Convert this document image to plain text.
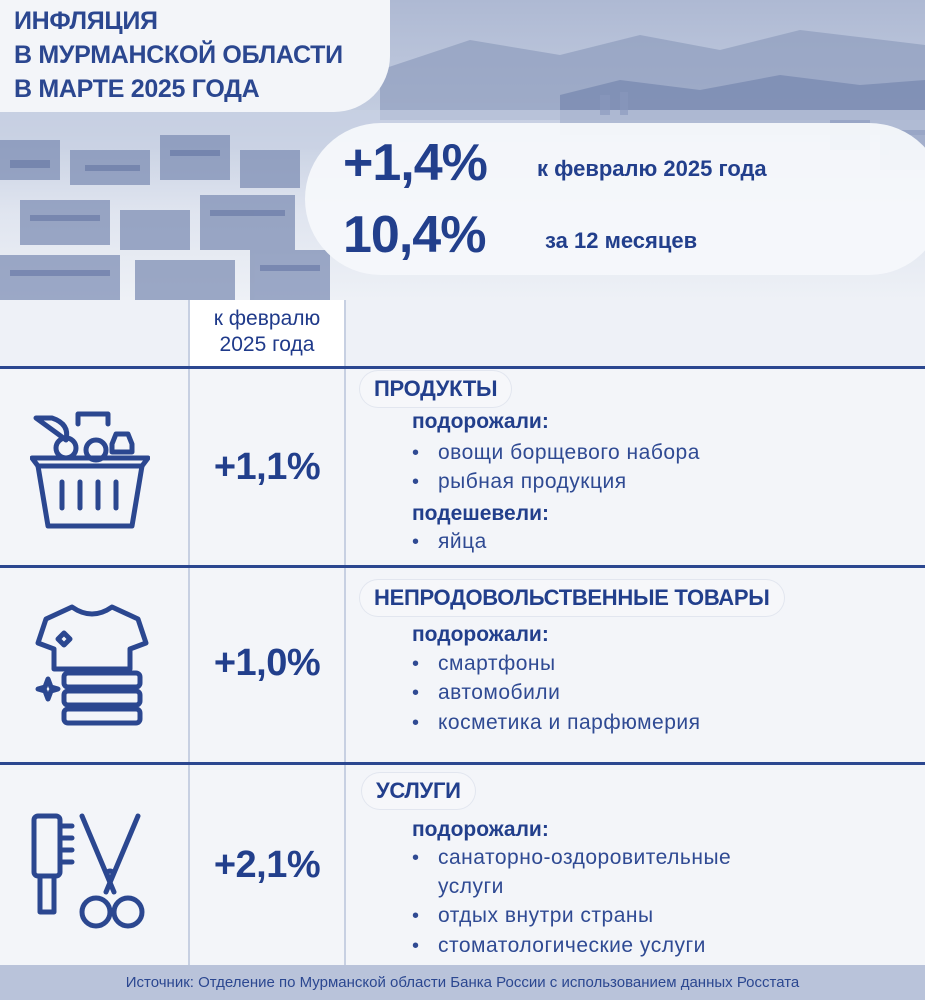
ИНФЛЯЦИЯ
В МУРМАНСКОЙ ОБЛАСТИ
В МАРТЕ 2025 ГОДА
+1,4% к февралю 2025 года
10,4%	за 12 месяцев
к февралю
2025 года
+1,1%
ПРОДУКТЫ
подорожали:
• овощи борщевого набора
• рыбная продукция
подешевели:
• яйца
+1,0%
НЕПРОДОВОЛЬСТВЕННЫЕ ТОВАРЫ
подорожали:
• смартфоны
• автомобили
• косметика и парфюмерия
+2,1%
УСЛУГИ
подорожали:
• санаторно-оздоровительные
услуги
• отдых внутри страны
• стоматологические услуги
Источник: Отделение по Мурманской области Банка России с использованием данных Росстата
